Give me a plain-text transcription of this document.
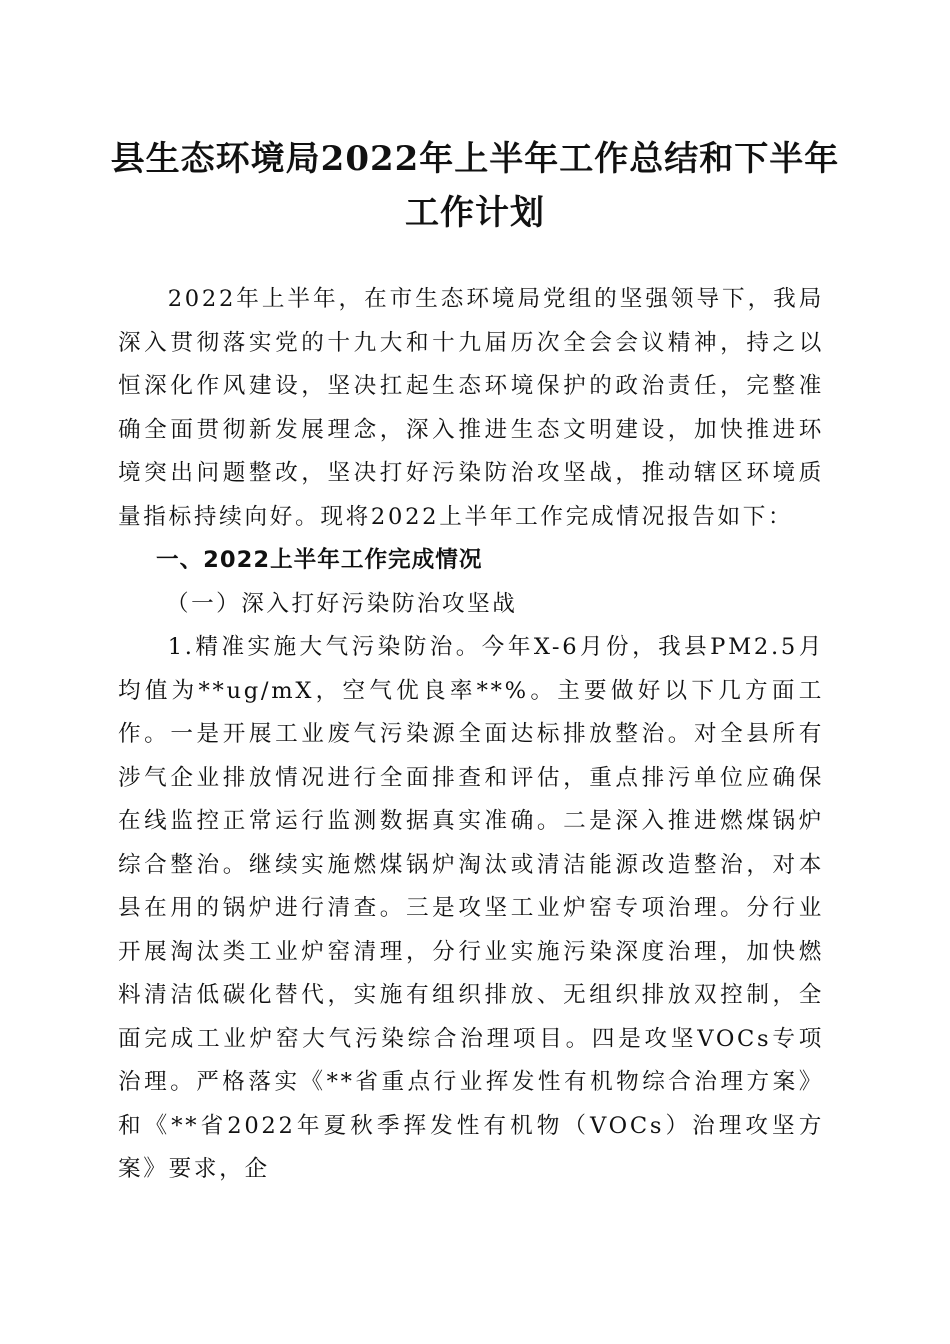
县生态环境局2022年上半年工作总结和下半年工作计划

2022年上半年，在市生态环境局党组的坚强领导下，我局深入贯彻落实党的十九大和十九届历次全会会议精神，持之以恒深化作风建设，坚决扛起生态环境保护的政治责任，完整准确全面贯彻新发展理念，深入推进生态文明建设，加快推进环境突出问题整改，坚决打好污染防治攻坚战，推动辖区环境质量指标持续向好。现将2022上半年工作完成情况报告如下：

一、2022上半年工作完成情况

（一）深入打好污染防治攻坚战

1.精准实施大气污染防治。今年X-6月份，我县PM2.5月均值为**ug/mX，空气优良率**%。主要做好以下几方面工作。一是开展工业废气污染源全面达标排放整治。对全县所有涉气企业排放情况进行全面排查和评估，重点排污单位应确保在线监控正常运行监测数据真实准确。二是深入推进燃煤锅炉综合整治。继续实施燃煤锅炉淘汰或清洁能源改造整治，对本县在用的锅炉进行清查。三是攻坚工业炉窑专项治理。分行业开展淘汰类工业炉窑清理，分行业实施污染深度治理，加快燃料清洁低碳化替代，实施有组织排放、无组织排放双控制，全面完成工业炉窑大气污染综合治理项目。四是攻坚VOCs专项治理。严格落实《**省重点行业挥发性有机物综合治理方案》和《**省2022年夏秋季挥发性有机物（VOCs）治理攻坚方案》要求，企
